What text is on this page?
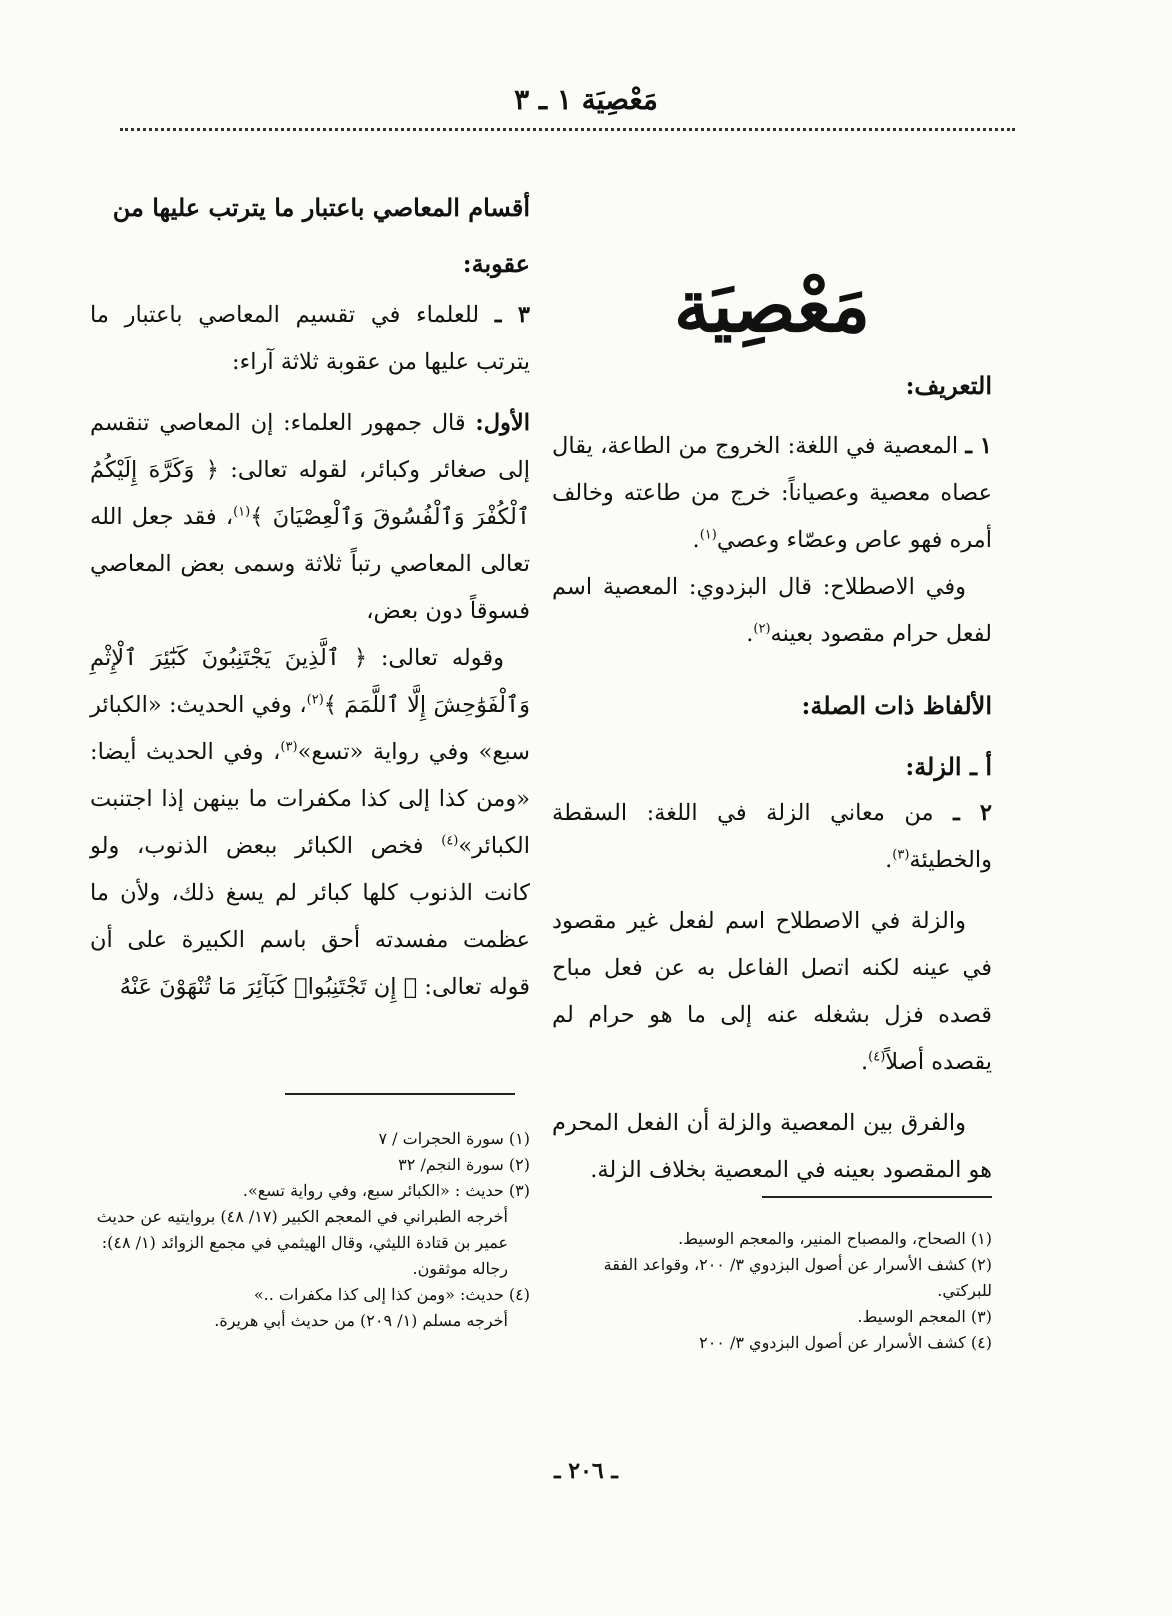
مَعْصِيَة ١ ـ ٣
مَعْصِيَة
التعريف:

١ ـ المعصية في اللغة: الخروج من الطاعة، يقال عصاه معصية وعصياناً: خرج من طاعته وخالف أمره فهو عاص وعصّاء وعصي$^{(١)}$.

وفي الاصطلاح: قال البزدوي: المعصية اسم لفعل حرام مقصود بعينه$^{(٢)}$.

الألفاظ ذات الصلة:
أ ـ الزلة:

٢ ـ من معاني الزلة في اللغة: السقطة والخطيئة$^{(٣)}$.

والزلة في الاصطلاح اسم لفعل غير مقصود في عينه لكنه اتصل الفاعل به عن فعل مباح قصده فزل بشغله عنه إلى ما هو حرام لم يقصده أصلاً$^{(٤)}$.

والفرق بين المعصية والزلة أن الفعل المحرم هو المقصود بعينه في المعصية بخلاف الزلة.

أقسام المعاصي باعتبار ما يترتب عليها من عقوبة:

٣ ـ للعلماء في تقسيم المعاصي باعتبار ما يترتب عليها من عقوبة ثلاثة آراء:

الأول: قال جمهور العلماء: إن المعاصي تنقسم إلى صغائر وكبائر، لقوله تعالى: ﴿ وَكَرَّهَ إِلَيْكُمُ ٱلْكُفْرَ وَٱلْفُسُوقَ وَٱلْعِصْيَانَ ﴾$^{(١)}$، فقد جعل الله تعالى المعاصي رتباً ثلاثة وسمى بعض المعاصي فسوقاً دون بعض،

وقوله تعالى: ﴿ ٱلَّذِينَ يَجْتَنِبُونَ كَبَٰٓئِرَ ٱلْإِثْمِ وَٱلْفَوَٰحِشَ إِلَّا ٱللَّمَمَ ﴾$^{(٢)}$، وفي الحديث: «الكبائر سبع» وفي رواية «تسع»$^{(٣)}$، وفي الحديث أيضا: «ومن كذا إلى كذا مكفرات ما بينهن إذا اجتنبت الكبائر»$^{(٤)}$ فخص الكبائر ببعض الذنوب، ولو كانت الذنوب كلها كبائر لم يسغ ذلك، ولأن ما عظمت مفسدته أحق باسم الكبيرة على أن قوله تعالى: ﴿ إِن تَجْتَنِبُوا۟ كَبَآئِرَ مَا تُنْهَوْنَ عَنْهُ

(١) سورة الحجرات / ٧

(٢) سورة النجم/ ٣٢

(٣) حديث : «الكبائر سبع، وفي رواية تسع».

أخرجه الطبراني في المعجم الكبير (١٧/ ٤٨) بروايتيه عن حديث عمير بن قتادة الليثي، وقال الهيثمي في مجمع الزوائد (١/ ٤٨): رجاله موثقون.

(٤) حديث: «ومن كذا إلى كذا مكفرات ..»

أخرجه مسلم (١/ ٢٠٩) من حديث أبي هريرة.

(١) الصحاح، والمصباح المنير، والمعجم الوسيط.

(٢) كشف الأسرار عن أصول البزدوي ٣/ ٢٠٠، وقواعد الفقة للبركتي.

(٣) المعجم الوسيط.

(٤) كشف الأسرار عن أصول البزدوي ٣/ ٢٠٠

ـ ٢٠٦ ـ
